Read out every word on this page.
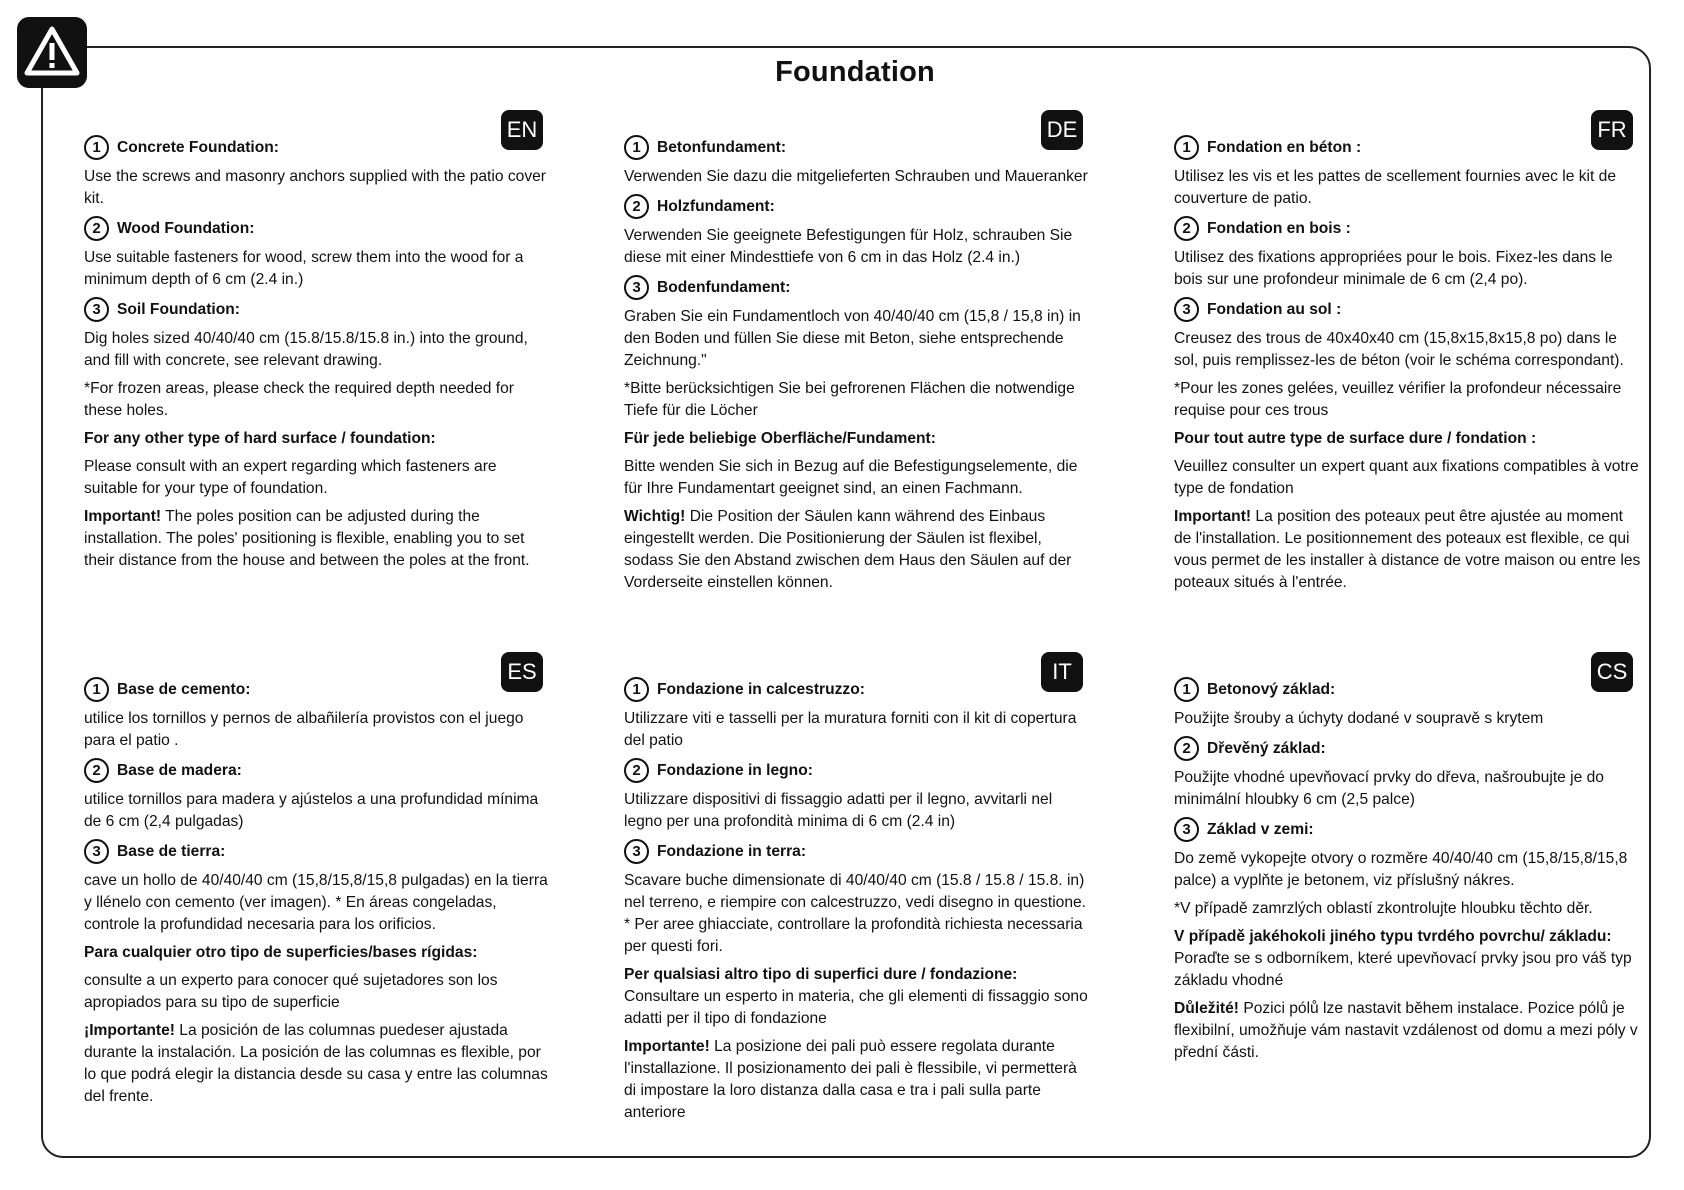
Foundation
EN
1	Concrete Foundation:

Use the screws and masonry anchors supplied with the patio cover kit.

2	Wood Foundation:

Use suitable fasteners for wood, screw them into the wood for a minimum depth of 6 cm (2.4 in.)

3	Soil Foundation:

Dig holes sized 40/40/40 cm (15.8/15.8/15.8 in.) into the ground, and fill with concrete, see relevant drawing.

*For frozen areas, please check the required depth needed for these holes.

For any other type of hard surface / foundation:

Please consult with an expert regarding which fasteners are suitable for your type of foundation.

Important! The poles position can be adjusted during the installation. The poles' positioning is flexible, enabling you to set their distance from the house and between the poles at the front.

DE
1	Betonfundament:

Verwenden Sie dazu die mitgelieferten Schrauben und Maueranker

2	Holzfundament:

Verwenden Sie geeignete Befestigungen für Holz, schrauben Sie diese mit einer Mindesttiefe von 6 cm in das Holz (2.4 in.)

3	Bodenfundament:

Graben Sie ein Fundamentloch von 40/40/40 cm (15,8 / 15,8 in) in den Boden und füllen Sie diese mit Beton, siehe entsprechende Zeichnung."

*Bitte berücksichtigen Sie bei gefrorenen Flächen die notwendige Tiefe für die Löcher

Für jede beliebige Oberfläche/Fundament:

Bitte wenden Sie sich in Bezug auf die Befestigungselemente, die für Ihre Fundamentart geeignet sind, an einen Fachmann.

Wichtig! Die Position der Säulen kann während des Einbaus eingestellt werden. Die Positionierung der Säulen ist flexibel, sodass Sie den Abstand zwischen dem Haus den Säulen auf der Vorderseite einstellen können.

FR
1	Fondation en béton :

Utilisez les vis et les pattes de scellement fournies avec le kit de couverture de patio.

2	Fondation en bois :

Utilisez des fixations appropriées pour le bois. Fixez-les dans le bois sur une profondeur minimale de 6 cm (2,4 po).

3	Fondation au sol :

Creusez des trous de 40x40x40 cm (15,8x15,8x15,8 po) dans le sol, puis remplissez-les de béton (voir le schéma correspondant).

*Pour les zones gelées, veuillez vérifier la profondeur nécessaire requise pour ces trous

Pour tout autre type de surface dure / fondation :

Veuillez consulter un expert quant aux fixations compatibles à votre type de fondation

Important! La position des poteaux peut être ajustée au moment de l'installation. Le positionnement des poteaux est flexible, ce qui vous permet de les installer à distance de votre maison ou entre les poteaux situés à l'entrée.

ES
1	Base de cemento:

utilice los tornillos y pernos de albañilería provistos con el juego para el patio .

2	Base de madera:

utilice tornillos para madera y ajústelos a una profundidad mínima de 6 cm (2,4 pulgadas)

3	Base de tierra:

cave un hollo de 40/40/40 cm (15,8/15,8/15,8 pulgadas) en la tierra y llénelo con cemento (ver imagen). * En áreas congeladas, controle la profundidad necesaria para los orificios.

Para cualquier otro tipo de superficies/bases rígidas:

consulte a un experto para conocer qué sujetadores son los apropiados para su tipo de superficie

¡Importante! La posición de las columnas puedeser ajustada durante la instalación. La posición de las columnas es flexible, por lo que podrá elegir la distancia desde su casa y entre las columnas del frente.

IT
1	Fondazione in calcestruzzo:

Utilizzare viti e tasselli per la muratura forniti con il kit di copertura del patio

2	Fondazione in legno:

Utilizzare dispositivi di fissaggio adatti per il legno, avvitarli nel legno per una profondità minima di 6 cm (2.4 in)

3	Fondazione in terra:

Scavare buche dimensionate di 40/40/40 cm (15.8 / 15.8 / 15.8. in) nel terreno, e riempire con calcestruzzo, vedi disegno in questione. * Per aree ghiacciate, controllare la profondità richiesta necessaria per questi fori.

Per qualsiasi altro tipo di superfici dure / fondazione:
Consultare un esperto in materia, che gli elementi di fissaggio sono adatti per il tipo di fondazione

Importante! La posizione dei pali può essere regolata durante l'installazione. Il posizionamento dei pali è flessibile, vi permetterà di impostare la loro distanza dalla casa e tra i pali sulla parte anteriore

CS
1	Betonový základ:

Použijte šrouby a úchyty dodané v soupravě s krytem

2	Dřevěný základ:

Použijte vhodné upevňovací prvky do dřeva, našroubujte je do minimální hloubky 6 cm (2,5 palce)

3	Základ v zemi:

Do země vykopejte otvory o rozměre 40/40/40 cm (15,8/15,8/15,8 palce) a vyplňte je betonem, viz příslušný nákres.

*V případě zamrzlých oblastí zkontrolujte hloubku těchto děr.

V případě jakéhokoli jiného typu tvrdého povrchu/ základu: Poraďte se s odborníkem, které upevňovací prvky jsou pro váš typ základu vhodné

Důležité! Pozici pólů lze nastavit během instalace. Pozice pólů je flexibilní, umožňuje vám nastavit vzdálenost od domu a mezi póly v přední části.
